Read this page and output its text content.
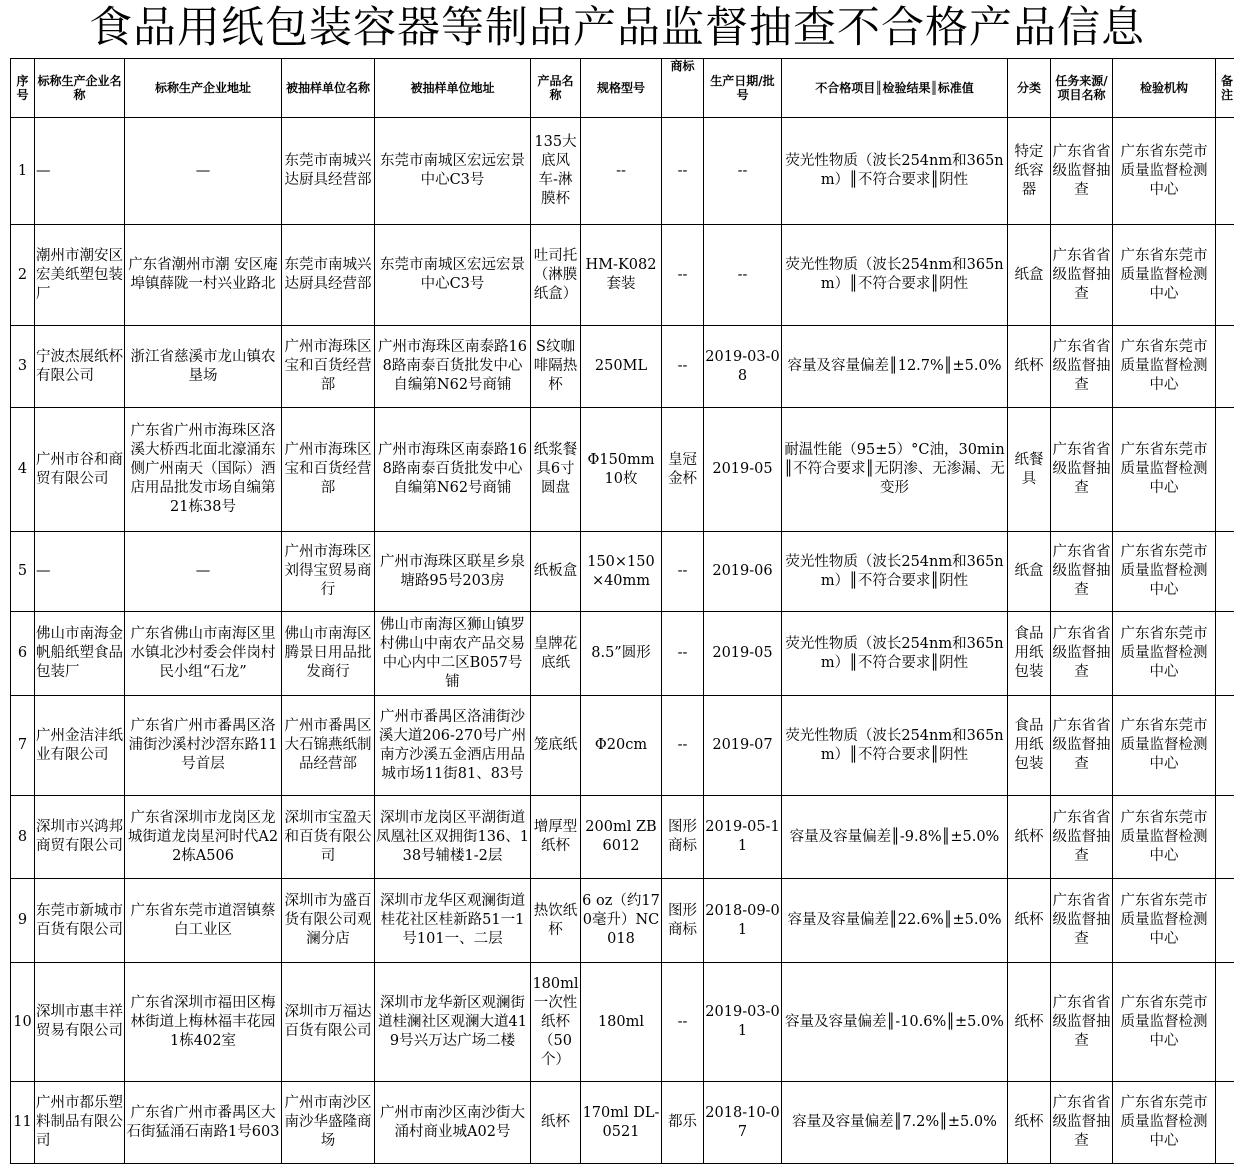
食品用纸包装容器等制品产品监督抽查不合格产品信息
序号	标称生产企业名称	标称生产企业地址	被抽样单位名称	被抽样单位地址	产品名称	规格型号	商标	生产日期/批号	不合格项目║检验结果║标准值	分类	任务来源/项目名称	检验机构	备注
1	—	—	东莞市南城兴达厨具经营部	东莞市南城区宏远宏景中心C3号	135大底风车-淋膜杯	--	--	--	荧光性物质（波长254nm和365nm）║不符合要求║阴性	特定纸容器	广东省省级监督抽查	广东省东莞市质量监督检测中心	
2	潮州市潮安区宏美纸塑包装厂	广东省潮州市潮 安区庵埠镇薛陇一村兴业路北	东莞市南城兴达厨具经营部	东莞市南城区宏远宏景中心C3号	吐司托（淋膜纸盒）	HM-K082套装	--	--	荧光性物质（波长254nm和365nm）║不符合要求║阴性	纸盒	广东省省级监督抽查	广东省东莞市质量监督检测中心	
3	宁波杰展纸杯有限公司	浙江省慈溪市龙山镇农垦场	广州市海珠区宝和百货经营部	广州市海珠区南泰路168路南泰百货批发中心自编第N62号商铺	S纹咖啡隔热杯	250ML	--	2019-03-08	容量及容量偏差║12.7%║±5.0%	纸杯	广东省省级监督抽查	广东省东莞市质量监督检测中心	
4	广州市谷和商贸有限公司	广东省广州市海珠区洛溪大桥西北面北濠涌东侧广州南天（国际）酒店用品批发市场自编第21栋38号	广州市海珠区宝和百货经营部	广州市海珠区南泰路168路南泰百货批发中心自编第N62号商铺	纸浆餐具6寸圆盘	Φ150mm 10枚	皇冠金杯	2019-05	耐温性能（95±5）°C油，30min║不符合要求║无阴渗、无渗漏、无变形	纸餐具	广东省省级监督抽查	广东省东莞市质量监督检测中心	
5	—	—	广州市海珠区刘得宝贸易商行	广州市海珠区联星乡泉塘路95号203房	纸板盒	150×150×40mm	--	2019-06	荧光性物质（波长254nm和365nm）║不符合要求║阴性	纸盒	广东省省级监督抽查	广东省东莞市质量监督检测中心	
6	佛山市南海金帆船纸塑食品包装厂	广东省佛山市南海区里水镇北沙村委会伴岗村民小组“石龙”	佛山市南海区腾景日用品批发商行	佛山市南海区狮山镇罗村佛山中南农产品交易中心内中二区B057号铺	皇牌花底纸	8.5”圆形	--	2019-05	荧光性物质（波长254nm和365nm）║不符合要求║阴性	食品用纸包装	广东省省级监督抽查	广东省东莞市质量监督检测中心	
7	广州金洁沣纸业有限公司	广东省广州市番禺区洛浦街沙溪村沙滘东路11号首层	广州市番禺区大石锦燕纸制品经营部	广州市番禺区洛浦街沙溪大道206-270号广州南方沙溪五金酒店用品城市场11街81、83号	笼底纸	Φ20cm	--	2019-07	荧光性物质（波长254nm和365nm）║不符合要求║阴性	食品用纸包装	广东省省级监督抽查	广东省东莞市质量监督检测中心	
8	深圳市兴鸿邦商贸有限公司	广东省深圳市龙岗区龙城街道龙岗星河时代A22栋A506	深圳市宝盈天和百货有限公司	深圳市龙岗区平湖街道凤凰社区双拥街136、138号辅楼1-2层	增厚型纸杯	200ml ZB6012	图形商标	2019-05-11	容量及容量偏差║-9.8%║±5.0%	纸杯	广东省省级监督抽查	广东省东莞市质量监督检测中心	
9	东莞市新城市百货有限公司	广东省东莞市道滘镇蔡白工业区	深圳市为盛百货有限公司观澜分店	深圳市龙华区观澜街道桂花社区桂新路51一1号101一、二层	热饮纸杯	6 oz（约170毫升）NC018	图形商标	2018-09-01	容量及容量偏差║22.6%║±5.0%	纸杯	广东省省级监督抽查	广东省东莞市质量监督检测中心	
10	深圳市惠丰祥贸易有限公司	广东省深圳市福田区梅林街道上梅林福丰花园1栋402室	深圳市万福达百货有限公司	深圳市龙华新区观澜街道桂澜社区观澜大道419号兴万达广场二楼	180ml一次性纸杯（50个）	180ml	--	2019-03-01	容量及容量偏差║-10.6%║±5.0%	纸杯	广东省省级监督抽查	广东省东莞市质量监督检测中心	
11	广州市都乐塑料制品有限公司	广东省广州市番禺区大石街猛涌石南路1号603	广州市南沙区南沙华盛隆商场	广州市南沙区南沙街大涌村商业城A02号	纸杯	170ml DL-0521	都乐	2018-10-07	容量及容量偏差║7.2%║±5.0%	纸杯	广东省省级监督抽查	广东省东莞市质量监督检测中心	
